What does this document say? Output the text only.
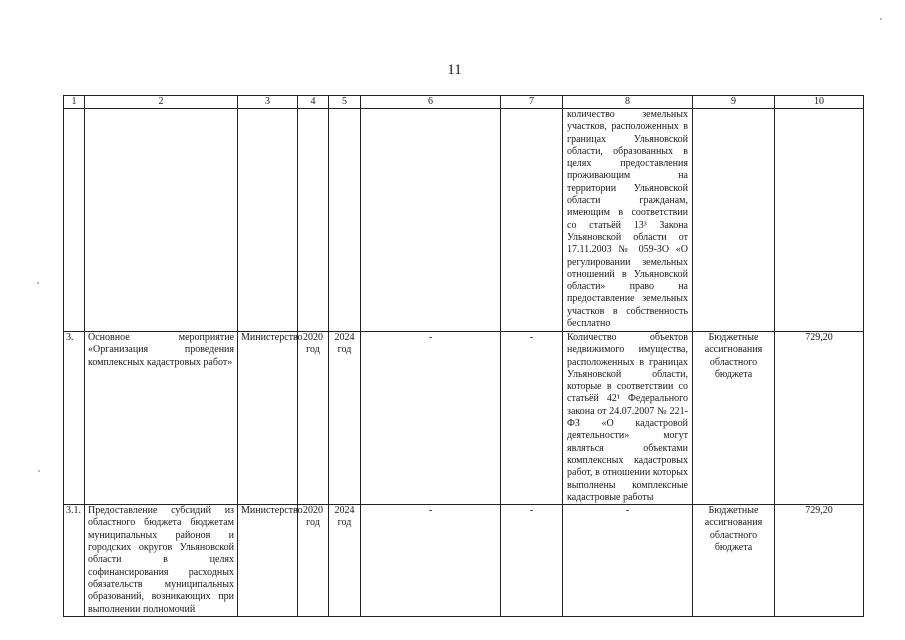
11
1	2	3	4	5	6	7	8	9	10
							количество земельных участков, расположенных в границах Ульяновской области, образованных в целях предоставления проживающим на территории Ульяновской области гражданам, имеющим в соответствии со статьёй 13³ Закона Ульяновской области от 17.11.2003 № 059-ЗО «О регулировании земельных отношений в Ульяновской области» право на предоставление земельных участков в собственность бесплатно		
3.	Основное мероприятие «Организация проведения комплексных кадастровых работ»	Министерство	2020 год	2024 год	-	-	Количество объектов недвижимого имущества, расположенных в границах Ульяновской области, которые в соответствии со статьёй 42¹ Федерального закона от 24.07.2007 № 221-ФЗ «О кадастровой деятельности» могут являться объектами комплексных кадастровых работ, в отношении которых выполнены комплексные кадастровые работы	Бюджетные ассигнования областного бюджета	729,20
3.1.	Предоставление субсидий из областного бюджета бюджетам муниципальных районов и городских округов Ульяновской области в целях софинансирования расходных обязательств муниципальных образований, возникающих при выполнении полномочий	Министерство	2020 год	2024 год	-	-	-	Бюджетные ассигнования областного бюджета	729,20
